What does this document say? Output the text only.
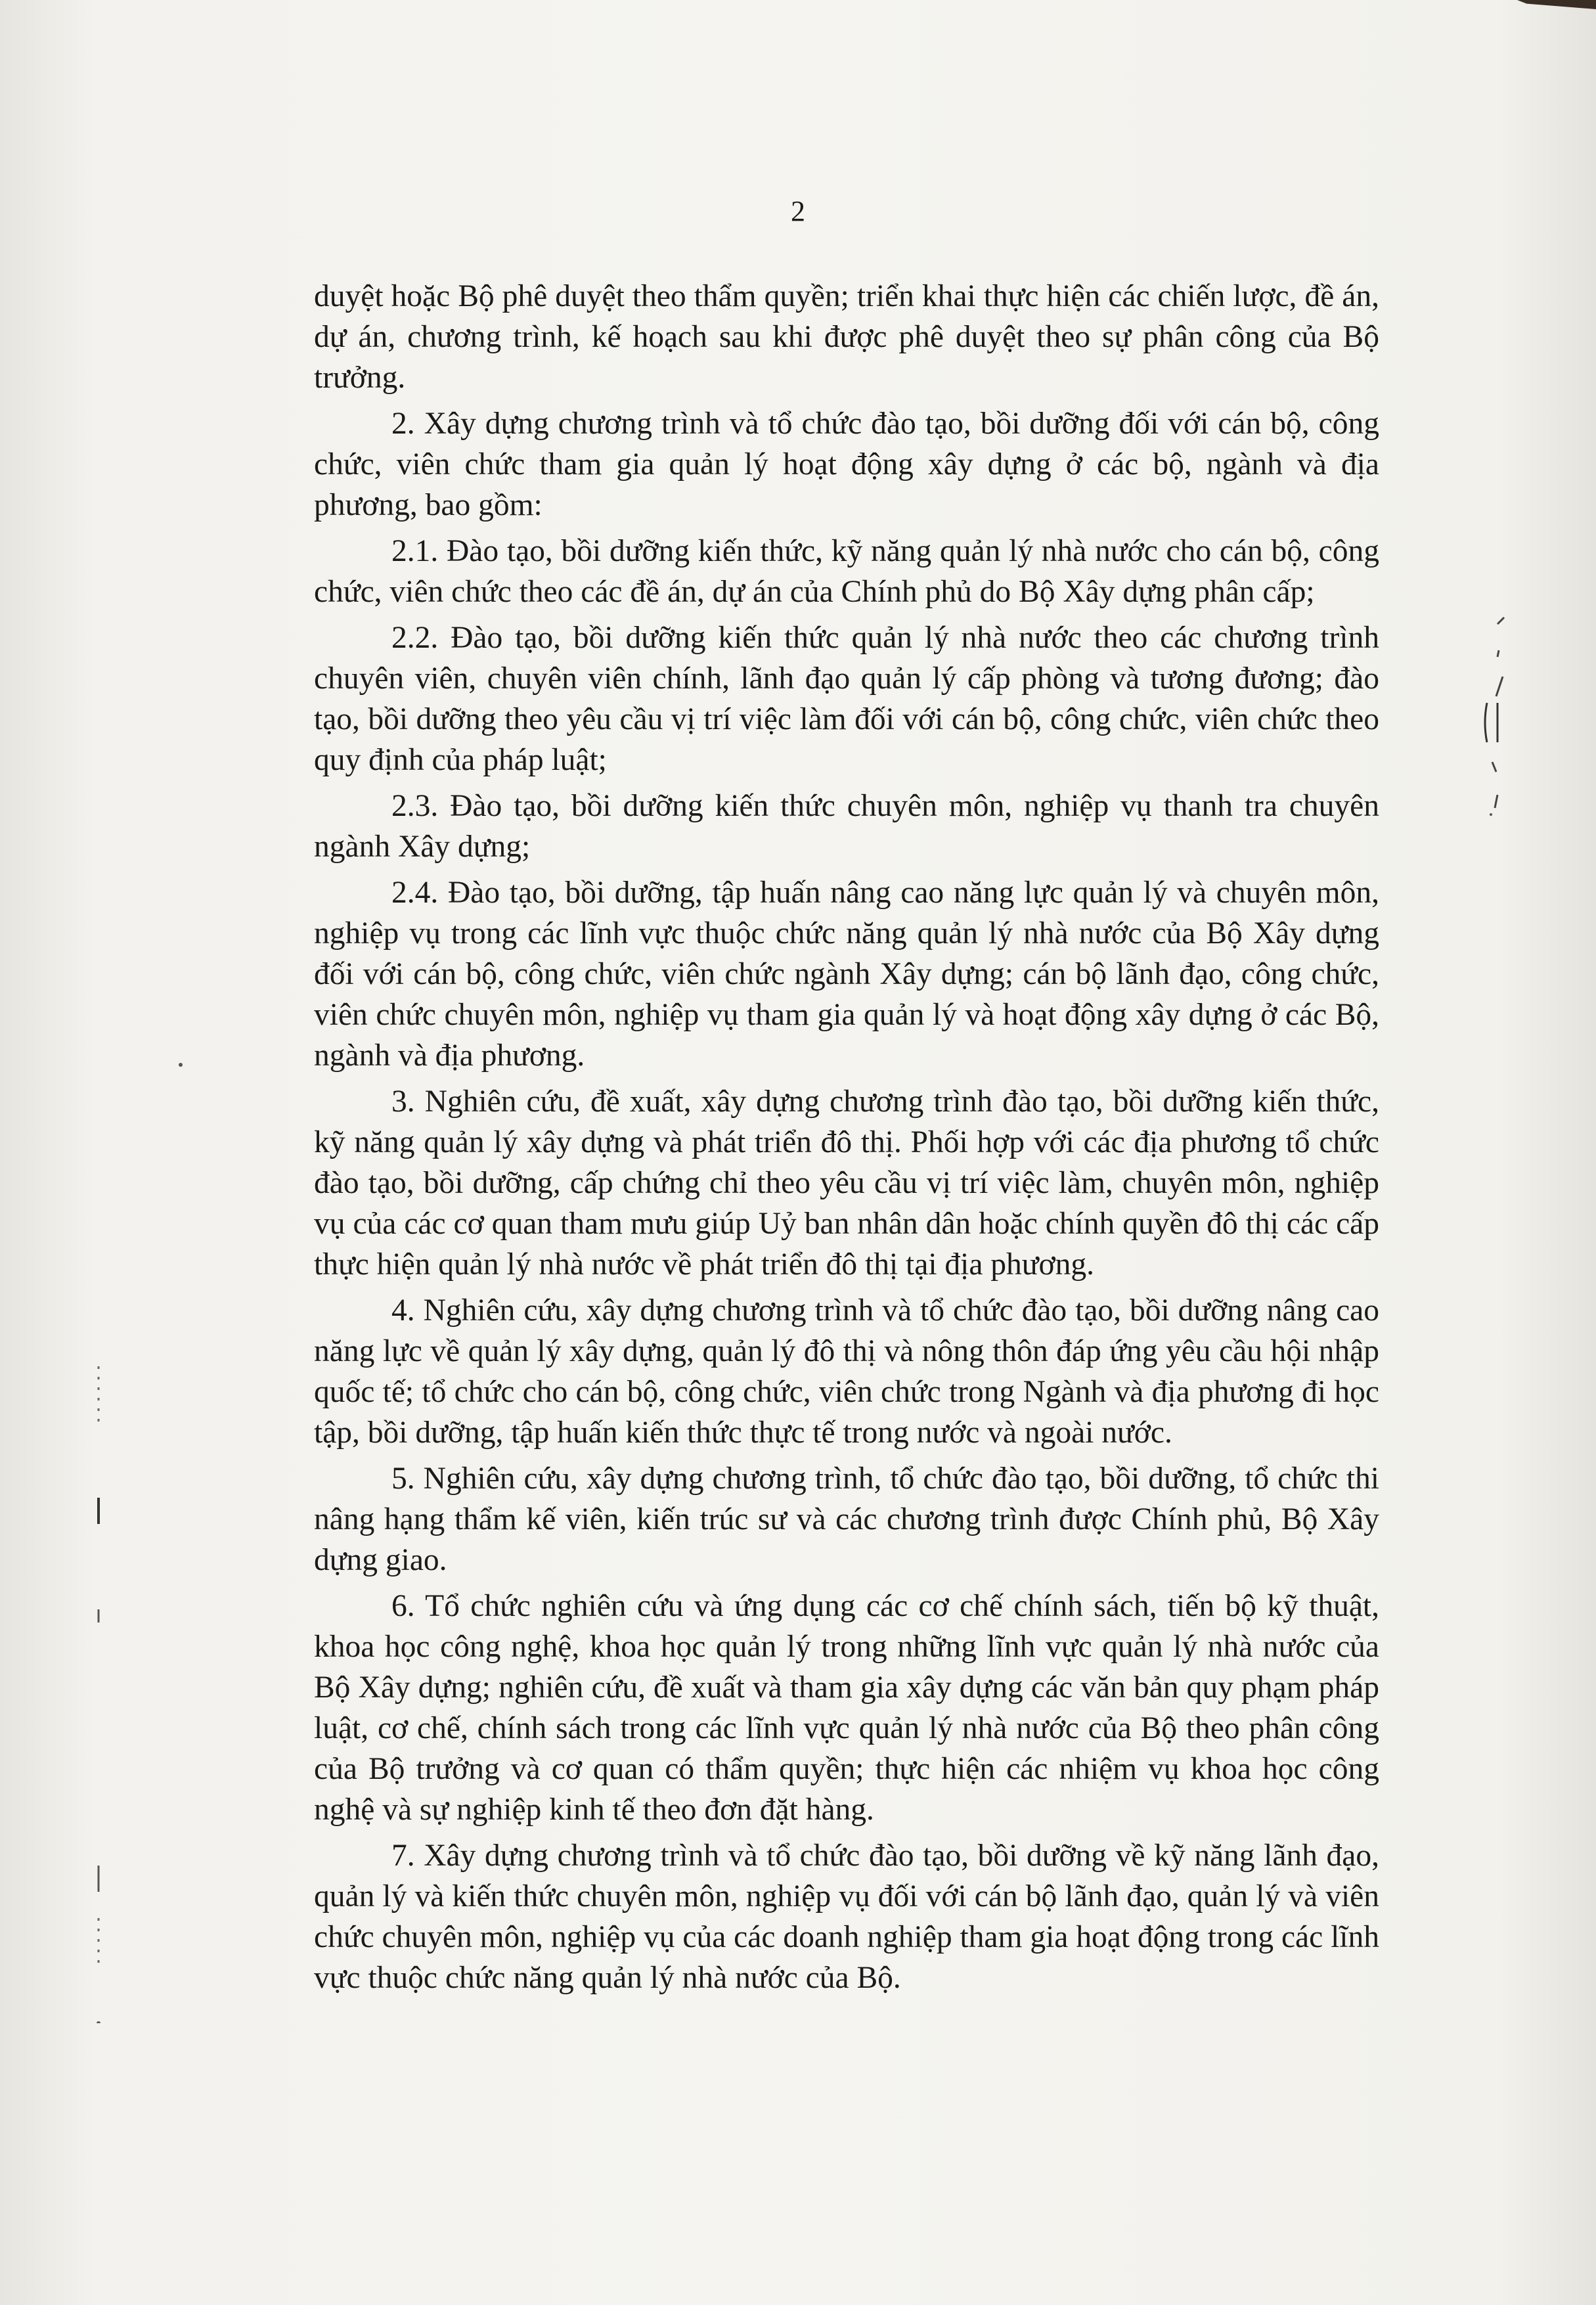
2

duyệt hoặc Bộ phê duyệt theo thẩm quyền; triển khai thực hiện các chiến lược, đề án, dự án, chương trình, kế hoạch sau khi được phê duyệt theo sự phân công của Bộ trưởng.

2. Xây dựng chương trình và tổ chức đào tạo, bồi dưỡng đối với cán bộ, công chức, viên chức tham gia quản lý hoạt động xây dựng ở các bộ, ngành và địa phương, bao gồm:

2.1. Đào tạo, bồi dưỡng kiến thức, kỹ năng quản lý nhà nước cho cán bộ, công chức, viên chức theo các đề án, dự án của Chính phủ do Bộ Xây dựng phân cấp;

2.2. Đào tạo, bồi dưỡng kiến thức quản lý nhà nước theo các chương trình chuyên viên, chuyên viên chính, lãnh đạo quản lý cấp phòng và tương đương; đào tạo, bồi dưỡng theo yêu cầu vị trí việc làm đối với cán bộ, công chức, viên chức theo quy định của pháp luật;

2.3. Đào tạo, bồi dưỡng kiến thức chuyên môn, nghiệp vụ thanh tra chuyên ngành Xây dựng;

2.4. Đào tạo, bồi dưỡng, tập huấn nâng cao năng lực quản lý và chuyên môn, nghiệp vụ trong các lĩnh vực thuộc chức năng quản lý nhà nước của Bộ Xây dựng đối với cán bộ, công chức, viên chức ngành Xây dựng; cán bộ lãnh đạo, công chức, viên chức chuyên môn, nghiệp vụ tham gia quản lý và hoạt động xây dựng ở các Bộ, ngành và địa phương.

3. Nghiên cứu, đề xuất, xây dựng chương trình đào tạo, bồi dưỡng kiến thức, kỹ năng quản lý xây dựng và phát triển đô thị. Phối hợp với các địa phương tổ chức đào tạo, bồi dưỡng, cấp chứng chỉ theo yêu cầu vị trí việc làm, chuyên môn, nghiệp vụ của các cơ quan tham mưu giúp Uỷ ban nhân dân hoặc chính quyền đô thị các cấp thực hiện quản lý nhà nước về phát triển đô thị tại địa phương.

4. Nghiên cứu, xây dựng chương trình và tổ chức đào tạo, bồi dưỡng nâng cao năng lực về quản lý xây dựng, quản lý đô thị và nông thôn đáp ứng yêu cầu hội nhập quốc tế; tổ chức cho cán bộ, công chức, viên chức trong Ngành và địa phương đi học tập, bồi dưỡng, tập huấn kiến thức thực tế trong nước và ngoài nước.

5. Nghiên cứu, xây dựng chương trình, tổ chức đào tạo, bồi dưỡng, tổ chức thi nâng hạng thẩm kế viên, kiến trúc sư và các chương trình được Chính phủ, Bộ Xây dựng giao.

6. Tổ chức nghiên cứu và ứng dụng các cơ chế chính sách, tiến bộ kỹ thuật, khoa học công nghệ, khoa học quản lý trong những lĩnh vực quản lý nhà nước của Bộ Xây dựng; nghiên cứu, đề xuất và tham gia xây dựng các văn bản quy phạm pháp luật, cơ chế, chính sách trong các lĩnh vực quản lý nhà nước của Bộ theo phân công của Bộ trưởng và cơ quan có thẩm quyền; thực hiện các nhiệm vụ khoa học công nghệ và sự nghiệp kinh tế theo đơn đặt hàng.

7. Xây dựng chương trình và tổ chức đào tạo, bồi dưỡng về kỹ năng lãnh đạo, quản lý và kiến thức chuyên môn, nghiệp vụ đối với cán bộ lãnh đạo, quản lý và viên chức chuyên môn, nghiệp vụ của các doanh nghiệp tham gia hoạt động trong các lĩnh vực thuộc chức năng quản lý nhà nước của Bộ.
